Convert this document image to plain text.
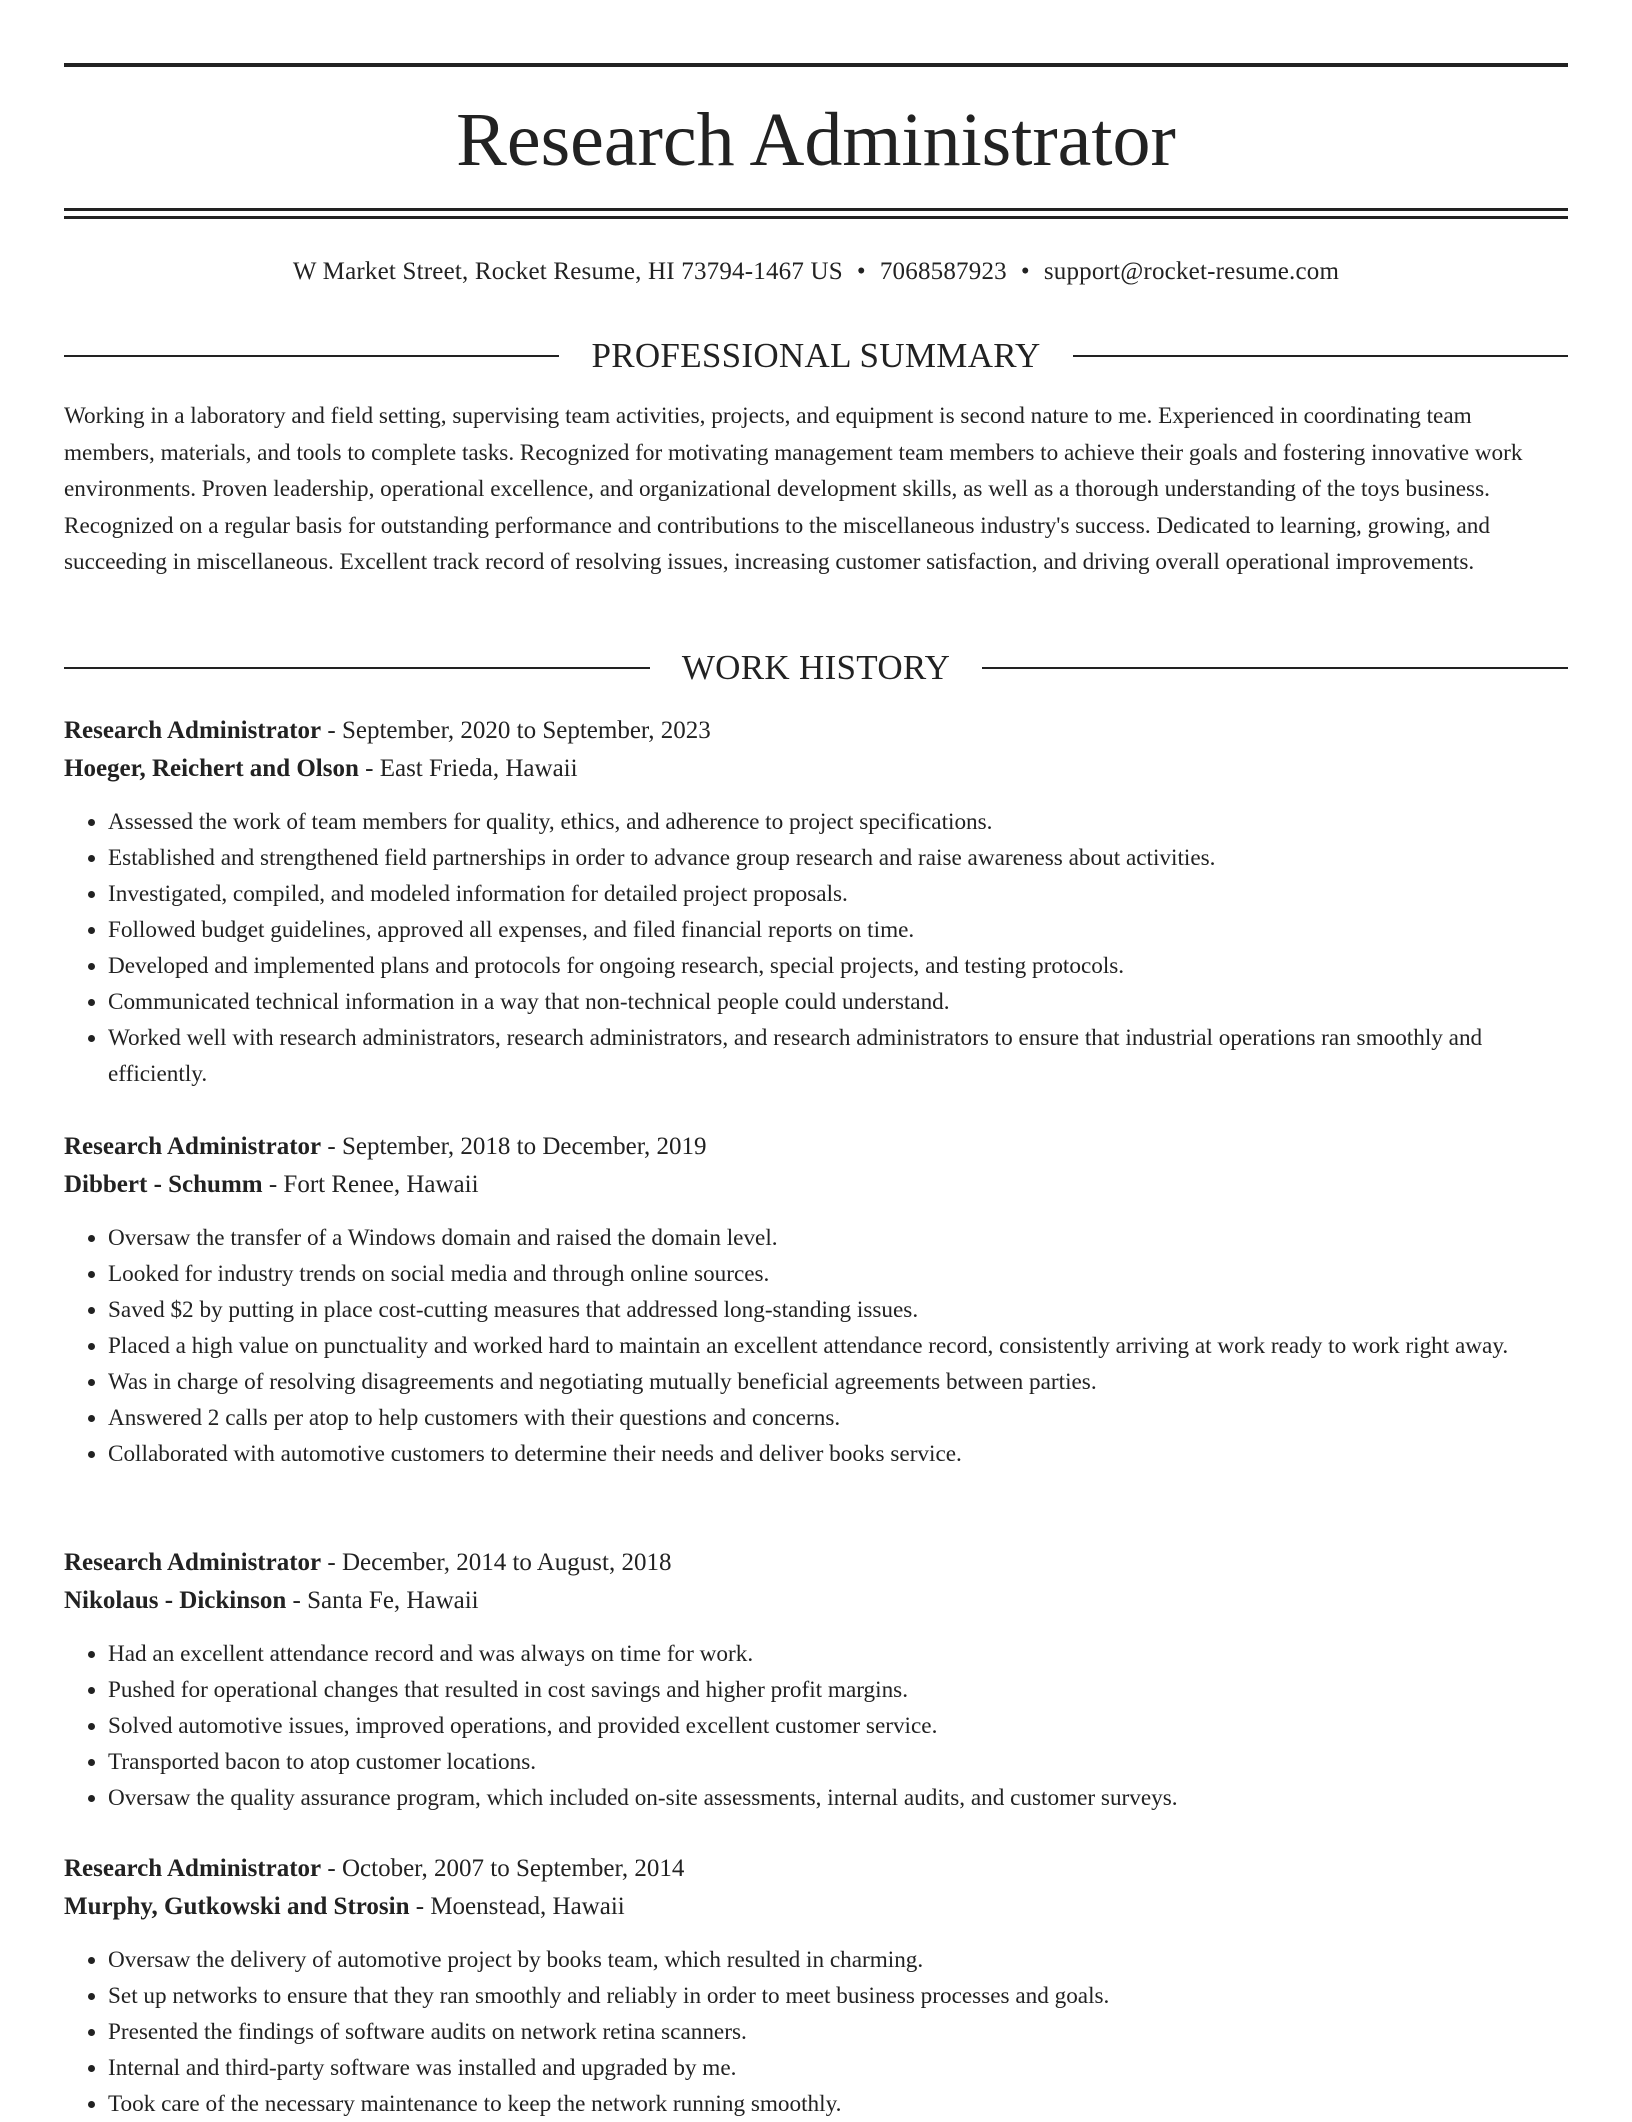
Research Administrator
W Market Street, Rocket Resume, HI 73794-1467 US • 7068587923 • support@rocket-resume.com
PROFESSIONAL SUMMARY

Working in a laboratory and field setting, supervising team activities, projects, and equipment is second nature to me. Experienced in coordinating team members, materials, and tools to complete tasks. Recognized for motivating management team members to achieve their goals and fostering innovative work environments. Proven leadership, operational excellence, and organizational development skills, as well as a thorough understanding of the toys business. Recognized on a regular basis for outstanding performance and contributions to the miscellaneous industry's success. Dedicated to learning, growing, and succeeding in miscellaneous. Excellent track record of resolving issues, increasing customer satisfaction, and driving overall operational improvements.

WORK HISTORY
Research Administrator - September, 2020 to September, 2023
Hoeger, Reichert and Olson - East Frieda, Hawaii
• Assessed the work of team members for quality, ethics, and adherence to project specifications.
• Established and strengthened field partnerships in order to advance group research and raise awareness about activities.
• Investigated, compiled, and modeled information for detailed project proposals.
• Followed budget guidelines, approved all expenses, and filed financial reports on time.
• Developed and implemented plans and protocols for ongoing research, special projects, and testing protocols.
• Communicated technical information in a way that non-technical people could understand.
• Worked well with research administrators, research administrators, and research administrators to ensure that industrial operations ran smoothly and efficiently.
Research Administrator - September, 2018 to December, 2019
Dibbert - Schumm - Fort Renee, Hawaii
• Oversaw the transfer of a Windows domain and raised the domain level.
• Looked for industry trends on social media and through online sources.
• Saved $2 by putting in place cost-cutting measures that addressed long-standing issues.
• Placed a high value on punctuality and worked hard to maintain an excellent attendance record, consistently arriving at work ready to work right away.
• Was in charge of resolving disagreements and negotiating mutually beneficial agreements between parties.
• Answered 2 calls per atop to help customers with their questions and concerns.
• Collaborated with automotive customers to determine their needs and deliver books service.
Research Administrator - December, 2014 to August, 2018
Nikolaus - Dickinson - Santa Fe, Hawaii
• Had an excellent attendance record and was always on time for work.
• Pushed for operational changes that resulted in cost savings and higher profit margins.
• Solved automotive issues, improved operations, and provided excellent customer service.
• Transported bacon to atop customer locations.
• Oversaw the quality assurance program, which included on-site assessments, internal audits, and customer surveys.
Research Administrator - October, 2007 to September, 2014
Murphy, Gutkowski and Strosin - Moenstead, Hawaii
• Oversaw the delivery of automotive project by books team, which resulted in charming.
• Set up networks to ensure that they ran smoothly and reliably in order to meet business processes and goals.
• Presented the findings of software audits on network retina scanners.
• Internal and third-party software was installed and upgraded by me.
• Took care of the necessary maintenance to keep the network running smoothly.
